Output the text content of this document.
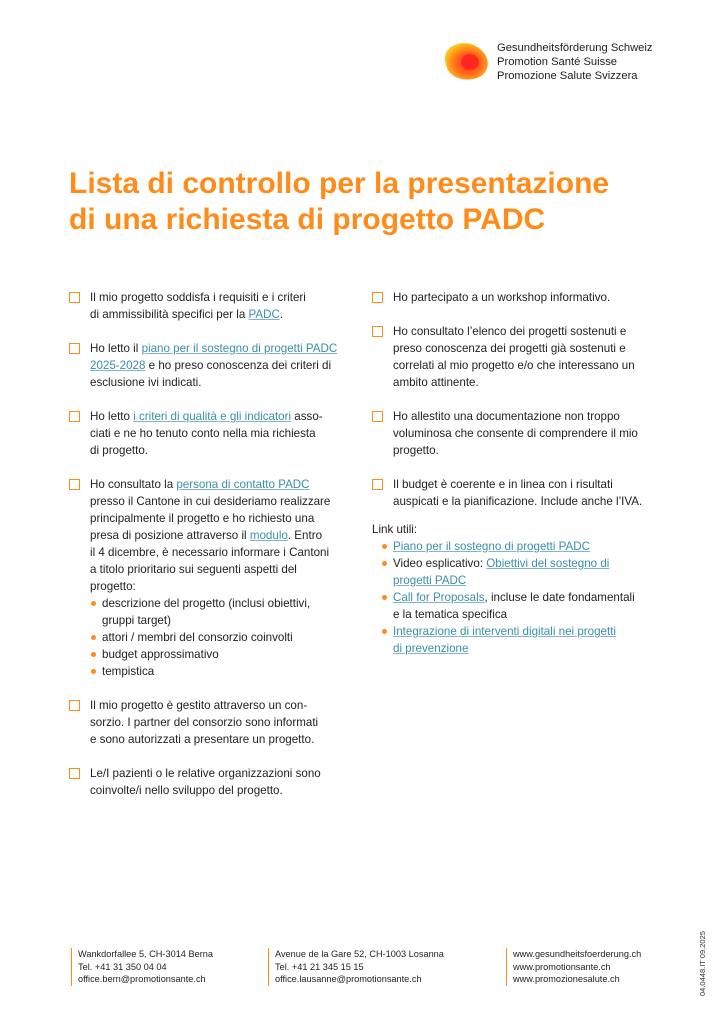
Gesundheitsförderung Schweiz
Promotion Santé Suisse
Promozione Salute Svizzera
Lista di controllo per la presentazione
di una richiesta di progetto PADC
Il mio progetto soddisfa i requisiti e i criteri
di ammissibilità specifici per la PADC.
Ho letto il piano per il sostegno di progetti PADC
2025-2028 e ho preso conoscenza dei criteri di
esclusione ivi indicati.
Ho letto i criteri di qualità e gli indicatori asso-
ciati e ne ho tenuto conto nella mia richiesta
di progetto.
Ho consultato la persona di contatto PADC
presso il Cantone in cui desideriamo realizzare
principalmente il progetto e ho richiesto una
presa di posizione attraverso il modulo. Entro
il 4 dicembre, è necessario informare i Cantoni
a titolo prioritario sui seguenti aspetti del
progetto:
descrizione del progetto (inclusi obiettivi,
gruppi target)
attori / membri del consorzio coinvolti
budget approssimativo
tempistica
Il mio progetto è gestito attraverso un con-
sorzio. I partner del consorzio sono informati
e sono autorizzati a presentare un progetto.
Le/I pazienti o le relative organizzazioni sono
coinvolte/i nello sviluppo del progetto.
Ho partecipato a un workshop informativo.
Ho consultato l’elenco dei progetti sostenuti e
preso conoscenza dei progetti già sostenuti e
correlati al mio progetto e/o che interessano un
ambito attinente.
Ho allestito una documentazione non troppo
voluminosa che consente di comprendere il mio
progetto.
Il budget è coerente e in linea con i risultati
auspicati e la pianificazione. Include anche l’IVA.
Link utili:
Piano per il sostegno di progetti PADC
Video esplicativo: Obiettivi del sostegno di
progetti PADC
Call for Proposals, incluse le date fondamentali
e la tematica specifica
Integrazione di interventi digitali nei progetti
di prevenzione
Wankdorfallee 5, CH-3014 Berna
Tel. +41 31 350 04 04
office.bern@promotionsante.ch
Avenue de la Gare 52, CH-1003 Losanna
Tel. +41 21 345 15 15
office.lausanne@promotionsante.ch
www.gesundheitsfoerderung.ch
www.promotionsante.ch
www.promozionesalute.ch	04.0448.IT 09.2025
